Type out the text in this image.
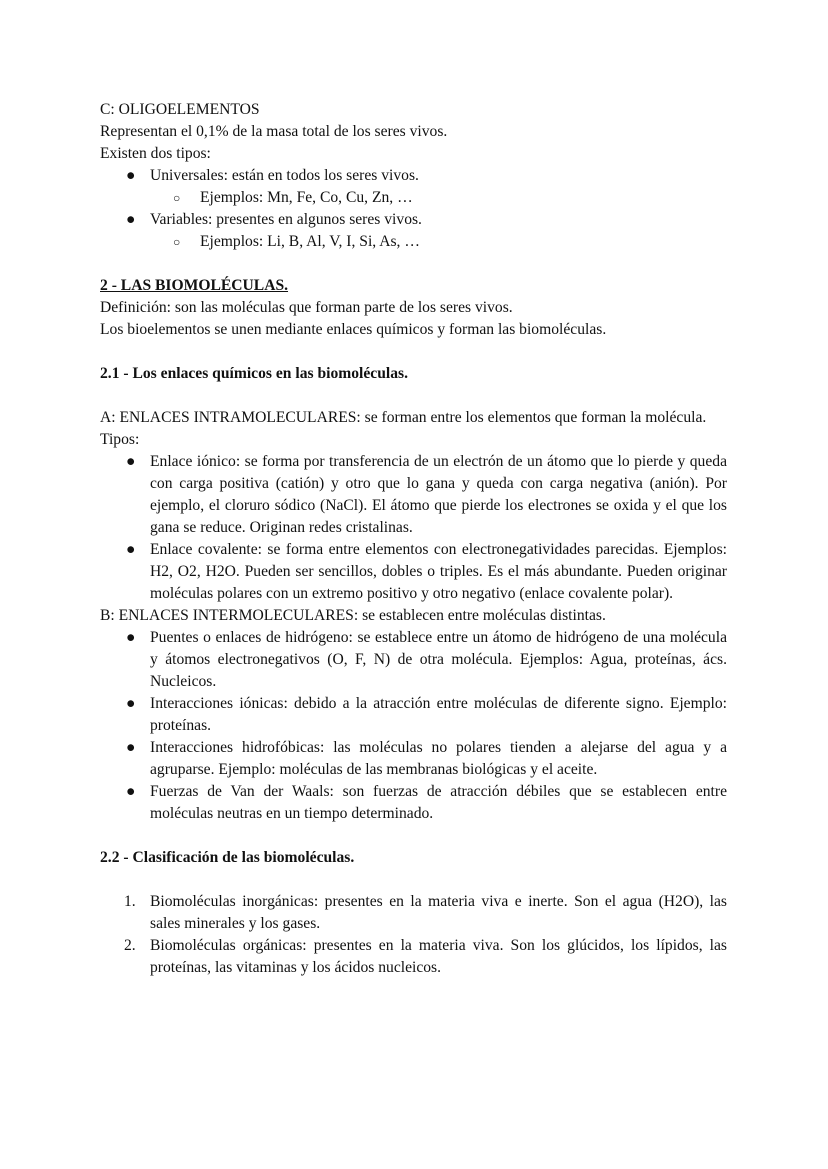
C: OLIGOELEMENTOS

Representan el 0,1% de la masa total de los seres vivos.

Existen dos tipos:

● Universales: están en todos los seres vivos.
○ Ejemplos: Mn, Fe, Co, Cu, Zn, …
● Variables: presentes en algunos seres vivos.
○ Ejemplos: Li, B, Al, V, I, Si, As, …

2 - LAS BIOMOLÉCULAS.

Definición: son las moléculas que forman parte de los seres vivos.

Los bioelementos se unen mediante enlaces químicos y forman las biomoléculas.

2.1 - Los enlaces químicos en las biomoléculas.

A: ENLACES INTRAMOLECULARES: se forman entre los elementos que forman la molécula.

Tipos:

● Enlace iónico: se forma por transferencia de un electrón de un átomo que lo pierde y queda con carga positiva (catión) y otro que lo gana y queda con carga negativa (anión). Por ejemplo, el cloruro sódico (NaCl). El átomo que pierde los electrones se oxida y el que los gana se reduce. Originan redes cristalinas.
● Enlace covalente: se forma entre elementos con electronegatividades parecidas. Ejemplos: H2, O2, H2O. Pueden ser sencillos, dobles o triples. Es el más abundante. Pueden originar moléculas polares con un extremo positivo y otro negativo (enlace covalente polar).

B: ENLACES INTERMOLECULARES: se establecen entre moléculas distintas.

● Puentes o enlaces de hidrógeno: se establece entre un átomo de hidrógeno de una molécula y átomos electronegativos (O, F, N) de otra molécula. Ejemplos: Agua, proteínas, ács. Nucleicos.
● Interacciones iónicas: debido a la atracción entre moléculas de diferente signo. Ejemplo: proteínas.
● Interacciones hidrofóbicas: las moléculas no polares tienden a alejarse del agua y a agruparse. Ejemplo: moléculas de las membranas biológicas y el aceite.
● Fuerzas de Van der Waals: son fuerzas de atracción débiles que se establecen entre moléculas neutras en un tiempo determinado.

2.2 - Clasificación de las biomoléculas.

1. Biomoléculas inorgánicas: presentes en la materia viva e inerte. Son el agua (H2O), las sales minerales y los gases.
2. Biomoléculas orgánicas: presentes en la materia viva. Son los glúcidos, los lípidos, las proteínas, las vitaminas y los ácidos nucleicos.
